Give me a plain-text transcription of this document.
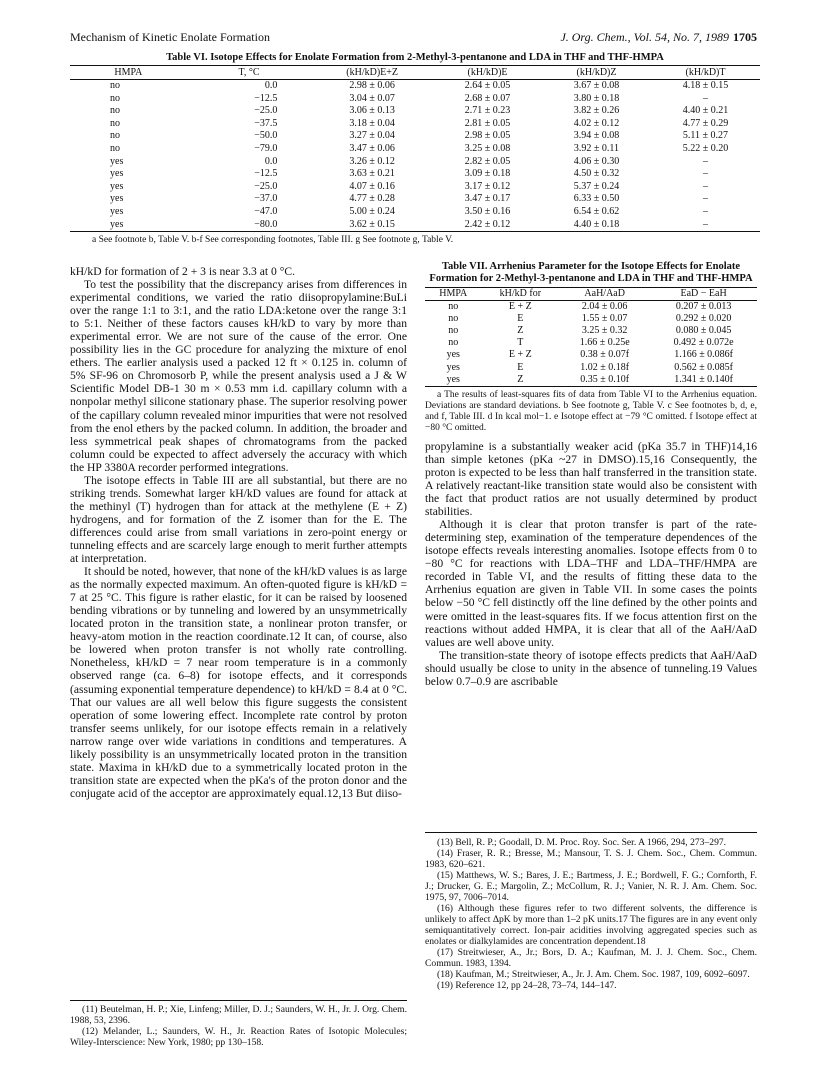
Mechanism of Kinetic Enolate Formation	J. Org. Chem., Vol. 54, No. 7, 1989 1705
Table VI. Isotope Effects for Enolate Formation from 2-Methyl-3-pentanone and LDA in THF and THF-HMPA
HMPA	T, °C	(kH/kD)E+Z	(kH/kD)E	(kH/kD)Z	(kH/kD)T
no	0.0	2.98 ± 0.06	2.64 ± 0.05	3.67 ± 0.08	4.18 ± 0.15
no	−12.5	3.04 ± 0.07	2.68 ± 0.07	3.80 ± 0.18	–
no	−25.0	3.06 ± 0.13	2.71 ± 0.23	3.82 ± 0.26	4.40 ± 0.21
no	−37.5	3.18 ± 0.04	2.81 ± 0.05	4.02 ± 0.12	4.77 ± 0.29
no	−50.0	3.27 ± 0.04	2.98 ± 0.05	3.94 ± 0.08	5.11 ± 0.27
no	−79.0	3.47 ± 0.06	3.25 ± 0.08	3.92 ± 0.11	5.22 ± 0.20
yes	0.0	3.26 ± 0.12	2.82 ± 0.05	4.06 ± 0.30	–
yes	−12.5	3.63 ± 0.21	3.09 ± 0.18	4.50 ± 0.32	–
yes	−25.0	4.07 ± 0.16	3.17 ± 0.12	5.37 ± 0.24	–
yes	−37.0	4.77 ± 0.28	3.47 ± 0.17	6.33 ± 0.50	–
yes	−47.0	5.00 ± 0.24	3.50 ± 0.16	6.54 ± 0.62	–
yes	−80.0	3.62 ± 0.15	2.42 ± 0.12	4.40 ± 0.18	–
a See footnote b, Table V. b-f See corresponding footnotes, Table III. g See footnote g, Table V.

kH/kD for formation of 2 + 3 is near 3.3 at 0 °C.

To test the possibility that the discrepancy arises from differences in experimental conditions, we varied the ratio diisopropylamine:BuLi over the range 1:1 to 3:1, and the ratio LDA:ketone over the range 3:1 to 5:1. Neither of these factors causes kH/kD to vary by more than experimental error. We are not sure of the cause of the error. One possibility lies in the GC procedure for analyzing the mixture of enol ethers. The earlier analysis used a packed 12 ft × 0.125 in. column of 5% SF-96 on Chromosorb P, while the present analysis used a J & W Scientific Model DB-1 30 m × 0.53 mm i.d. capillary column with a nonpolar methyl silicone stationary phase. The superior resolving power of the capillary column revealed minor impurities that were not resolved from the enol ethers by the packed column. In addition, the broader and less symmetrical peak shapes of chromatograms from the packed column could be expected to affect adversely the accuracy with which the HP 3380A recorder performed integrations.

The isotope effects in Table III are all substantial, but there are no striking trends. Somewhat larger kH/kD values are found for attack at the methinyl (T) hydrogen than for attack at the methylene (E + Z) hydrogens, and for formation of the Z isomer than for the E. The differences could arise from small variations in zero-point energy or tunneling effects and are scarcely large enough to merit further attempts at interpretation.

It should be noted, however, that none of the kH/kD values is as large as the normally expected maximum. An often-quoted figure is kH/kD = 7 at 25 °C. This figure is rather elastic, for it can be raised by loosened bending vibrations or by tunneling and lowered by an unsymmetrically located proton in the transition state, a nonlinear proton transfer, or heavy-atom motion in the reaction coordinate.12 It can, of course, also be lowered when proton transfer is not wholly rate controlling. Nonetheless, kH/kD = 7 near room temperature is in a commonly observed range (ca. 6–8) for isotope effects, and it corresponds (assuming exponential temperature dependence) to kH/kD = 8.4 at 0 °C. That our values are all well below this figure suggests the consistent operation of some lowering effect. Incomplete rate control by proton transfer seems unlikely, for our isotope effects remain in a relatively narrow range over wide variations in conditions and temperatures. A likely possibility is an unsymmetrically located proton in the transition state. Maxima in kH/kD due to a symmetrically located proton in the transition state are expected when the pKa's of the proton donor and the conjugate acid of the acceptor are approximately equal.12,13 But diiso-

Table VII. Arrhenius Parameter for the Isotope Effects for Enolate Formation for 2-Methyl-3-pentanone and LDA in THF and THF-HMPA
HMPA	kH/kD for	AaH/AaD	EaD − EaH
no	E + Z	2.04 ± 0.06	0.207 ± 0.013
no	E	1.55 ± 0.07	0.292 ± 0.020
no	Z	3.25 ± 0.32	0.080 ± 0.045
no	T	1.66 ± 0.25e	0.492 ± 0.072e
yes	E + Z	0.38 ± 0.07f	1.166 ± 0.086f
yes	E	1.02 ± 0.18f	0.562 ± 0.085f
yes	Z	0.35 ± 0.10f	1.341 ± 0.140f
a The results of least-squares fits of data from Table VI to the Arrhenius equation. Deviations are standard deviations. b See footnote g, Table V. c See footnotes b, d, e, and f, Table III. d In kcal mol−1. e Isotope effect at −79 °C omitted. f Isotope effect at −80 °C omitted.

propylamine is a substantially weaker acid (pKa 35.7 in THF)14,16 than simple ketones (pKa ~27 in DMSO).15,16 Consequently, the proton is expected to be less than half transferred in the transition state. A relatively reactant-like transition state would also be consistent with the fact that product ratios are not usually determined by product stabilities.

Although it is clear that proton transfer is part of the rate-determining step, examination of the temperature dependences of the isotope effects reveals interesting anomalies. Isotope effects from 0 to −80 °C for reactions with LDA–THF and LDA–THF/HMPA are recorded in Table VI, and the results of fitting these data to the Arrhenius equation are given in Table VII. In some cases the points below −50 °C fell distinctly off the line defined by the other points and were omitted in the least-squares fits. If we focus attention first on the reactions without added HMPA, it is clear that all of the AaH/AaD values are well above unity.

The transition-state theory of isotope effects predicts that AaH/AaD should usually be close to unity in the absence of tunneling.19 Values below 0.7–0.9 are ascribable

(13) Bell, R. P.; Goodall, D. M. Proc. Roy. Soc. Ser. A 1966, 294, 273–297.
(14) Fraser, R. R.; Bresse, M.; Mansour, T. S. J. Chem. Soc., Chem. Commun. 1983, 620–621.
(15) Matthews, W. S.; Bares, J. E.; Bartmess, J. E.; Bordwell, F. G.; Cornforth, F. J.; Drucker, G. E.; Margolin, Z.; McCollum, R. J.; Vanier, N. R. J. Am. Chem. Soc. 1975, 97, 7006–7014.
(16) Although these figures refer to two different solvents, the difference is unlikely to affect ΔpK by more than 1–2 pK units.17 The figures are in any event only semiquantitatively correct. Ion-pair acidities involving aggregated species such as enolates or dialkylamides are concentration dependent.18
(17) Streitwieser, A., Jr.; Bors, D. A.; Kaufman, M. J. J. Chem. Soc., Chem. Commun. 1983, 1394.
(18) Kaufman, M.; Streitwieser, A., Jr. J. Am. Chem. Soc. 1987, 109, 6092–6097.
(19) Reference 12, pp 24–28, 73–74, 144–147.
(11) Beutelman, H. P.; Xie, Linfeng; Miller, D. J.; Saunders, W. H., Jr. J. Org. Chem. 1988, 53, 2396.
(12) Melander, L.; Saunders, W. H., Jr. Reaction Rates of Isotopic Molecules; Wiley-Interscience: New York, 1980; pp 130–158.
